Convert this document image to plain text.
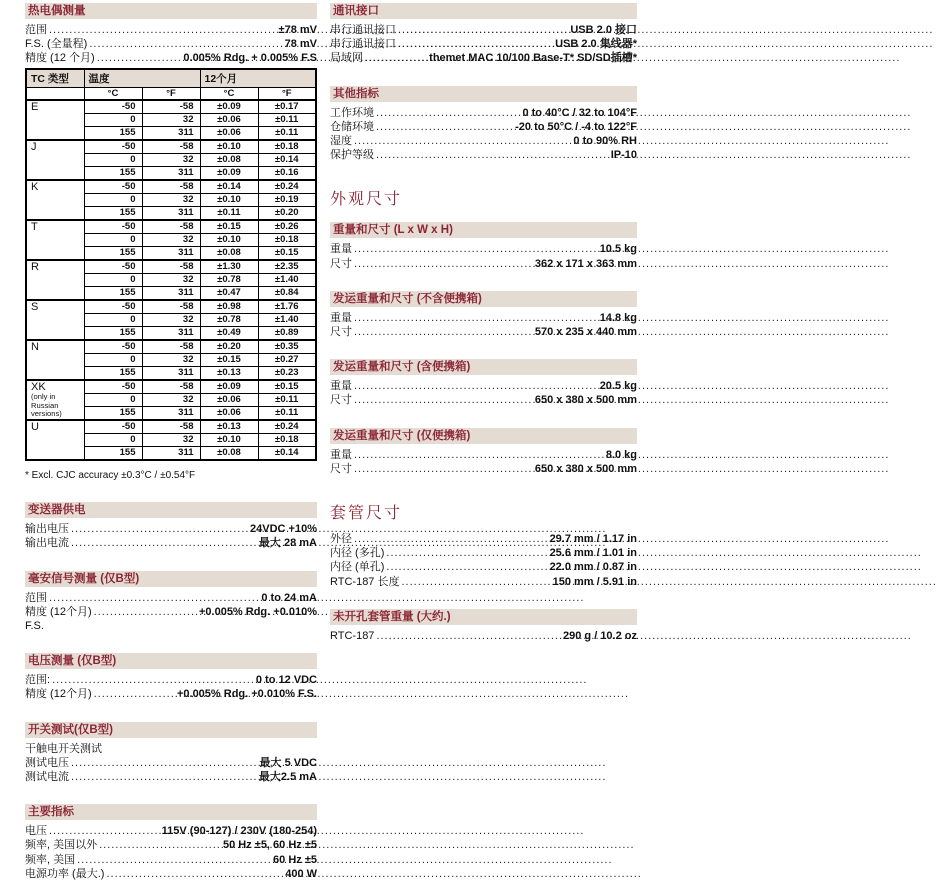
热电偶测量
范围 .....	±78 mV
F.S. (全量程) .....	78 mV
精度 (12 个月) .....	0.005% Rdg. + 0.005% F.S
TC 类型	温度		12个月	
	°C	°F	°C	°F

E	-50	-58	±0.09	±0.17
	0	32	±0.06	±0.11
	155	311	±0.06	±0.11

J	-50	-58	±0.10	±0.18
	0	32	±0.08	±0.14
	155	311	±0.09	±0.16

K	-50	-58	±0.14	±0.24
	0	32	±0.10	±0.19
	155	311	±0.11	±0.20

T	-50	-58	±0.15	±0.26
	0	32	±0.10	±0.18
	155	311	±0.08	±0.15

R	-50	-58	±1.30	±2.35
	0	32	±0.78	±1.40
	155	311	±0.47	±0.84

S	-50	-58	±0.98	±1.76
	0	32	±0.78	±1.40
	155	311	±0.49	±0.89

N	-50	-58	±0.20	±0.35
	0	32	±0.15	±0.27
	155	311	±0.13	±0.23

XK
(only in Russian versions)	-50	-58	±0.09	±0.15
	0	32	±0.06	±0.11
	155	311	±0.06	±0.11

U	-50	-58	±0.13	±0.24
	0	32	±0.10	±0.18
	155	311	±0.08	±0.14
* Excl. CJC accuracy ±0.3°C / ±0.54°F
变送器供电
输出电压 .....	24VDC +10%
输出电流 .....	最大 28 mA
毫安信号测量 (仅B型)
范围 .....	0 to 24 mA
精度 (12个月) .....	+0.005% Rdg. +0.010%
F.S.
电压测量 (仅B型)
范围: .....	0 to 12 VDC
精度 (12个月) .....	+0.005% Rdg. +0.010% F.S.
开关测试(仅B型)
干触电开关测试
测试电压 .....	最大 5 VDC
测试电流 .....	最大2.5 mA
主要指标
电压 .....	115V (90-127) / 230V (180-254)
频率, 美国以外 .....	50 Hz ±5, 60 Hz ±5
频率, 美国 .....	60 Hz ±5
电源功率 (最大.) .....	400 W
通讯接口
串行通讯接口 .....	USB 2.0 接口
串行通讯接口 .....	USB 2.0 集线器*
局域网 .....	themet MAC 10/100 Base-T* SD/SD插槽*
其他指标
工作环境 .....	0 to 40°C / 32 to 104°F
仓储环境 .....	-20 to 50°C / -4 to 122°F
湿度 .....	0 to 90% RH
保护等级 .....	IP-10
外观尺寸
重量和尺寸 (L x W x H)
重量 .....	10.5 kg
尺寸 .....	362 x 171 x 363 mm
发运重量和尺寸 (不含便携箱)
重量 .....	14.8 kg
尺寸 .....	570 x 235 x 440 mm
发运重量和尺寸 (含便携箱)
重量 .....	20.5 kg
尺寸 .....	650 x 380 x 500 mm
发运重量和尺寸 (仅便携箱)
重量 .....	8.0 kg
尺寸 .....	650 x 380 x 500 mm
套管尺寸
外径 .....	29.7 mm / 1.17 in
内径 (多孔) .....	25.6 mm / 1.01 in
内径 (单孔) .....	22.0 mm / 0.87 in
RTC-187 长度 .....	150 mm / 5.91 in
未开孔套管重量 (大约.)
RTC-187 .....	290 g / 10.2 oz
